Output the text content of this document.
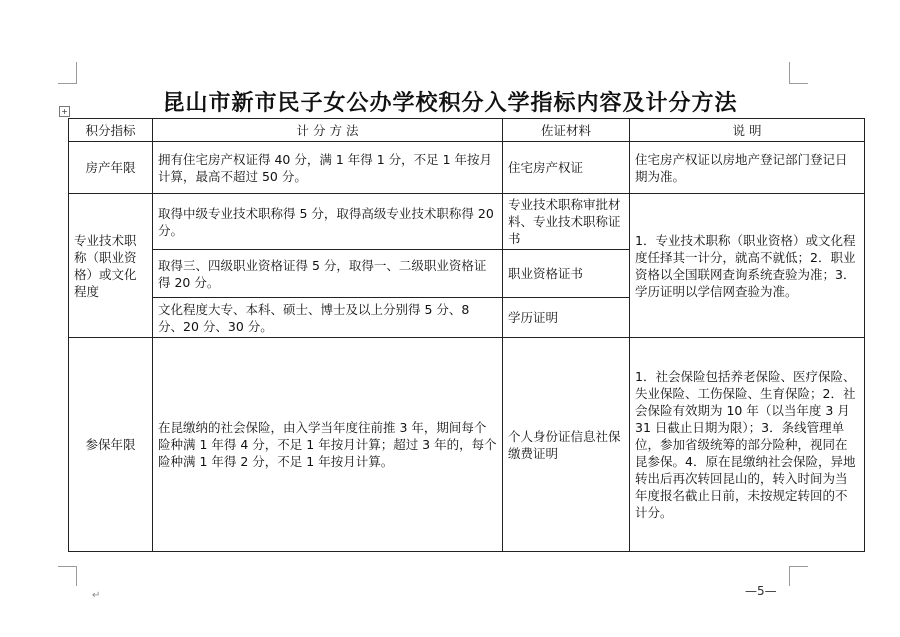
昆山市新市民子女公办学校积分入学指标内容及计分方法
+
积分指标	计 分 方 法	佐证材料	说 明
房产年限	拥有住宅房产权证得 40 分，满 1 年得 1 分，不足 1 年按月计算，最高不超过 50 分。	住宅房产权证	住宅房产权证以房地产登记部门登记日期为准。
专业技术职称（职业资格）或文化程度	取得中级专业技术职称得 5 分，取得高级专业技术职称得 20 分。	专业技术职称审批材料、专业技术职称证书	1．专业技术职称（职业资格）或文化程度任择其一计分，就高不就低；2．职业资格以全国联网查询系统查验为准；3．学历证明以学信网查验为准。
	取得三、四级职业资格证得 5 分，取得一、二级职业资格证得 20 分。	职业资格证书	
	文化程度大专、本科、硕士、博士及以上分别得 5 分、8 分、20 分、30 分。	学历证明	
参保年限	在昆缴纳的社会保险，由入学当年度往前推 3 年，期间每个险种满 1 年得 4 分，不足 1 年按月计算；超过 3 年的，每个险种满 1 年得 2 分，不足 1 年按月计算。	个人身份证信息社保缴费证明	1．社会保险包括养老保险、医疗保险、失业保险、工伤保险、生育保险；2．社会保险有效期为 10 年（以当年度 3 月 31 日截止日期为限）；3．条线管理单位，参加省级统筹的部分险种，视同在昆参保。4．原在昆缴纳社会保险，异地转出后再次转回昆山的，转入时间为当年度报名截止日前，未按规定转回的不计分。
—5—
↵
